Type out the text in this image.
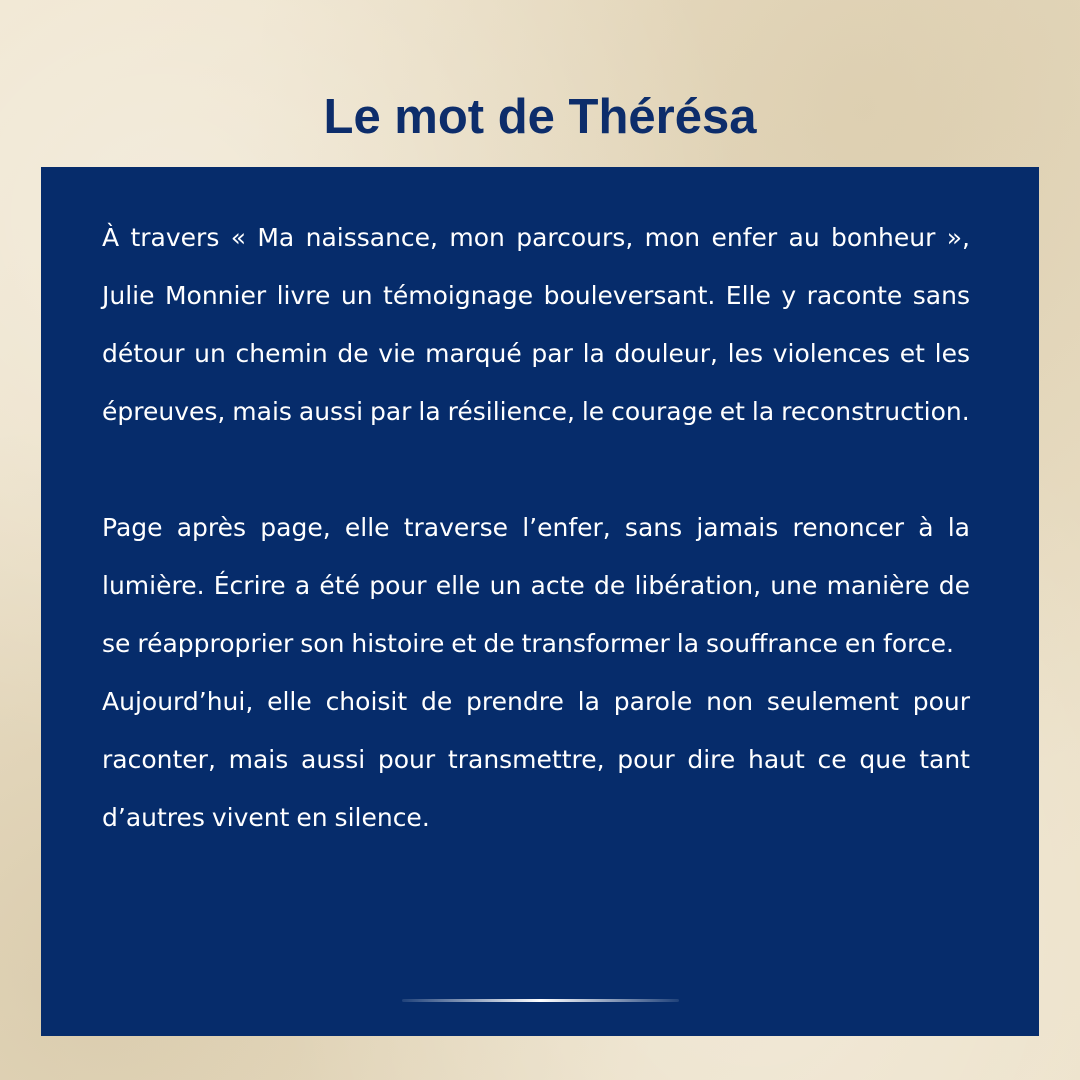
Le mot de Thérésa

À travers « Ma naissance, mon parcours, mon enfer au bonheur », Julie Monnier livre un témoignage bouleversant. Elle y raconte sans détour un chemin de vie marqué par la douleur, les violences et les épreuves, mais aussi par la résilience, le courage et la reconstruction.

Page après page, elle traverse l’enfer, sans jamais renoncer à la lumière. Écrire a été pour elle un acte de libération, une manière de se réapproprier son histoire et de transformer la souffrance en force.

Aujourd’hui, elle choisit de prendre la parole non seulement pour raconter, mais aussi pour transmettre, pour dire haut ce que tant d’autres vivent en silence.
